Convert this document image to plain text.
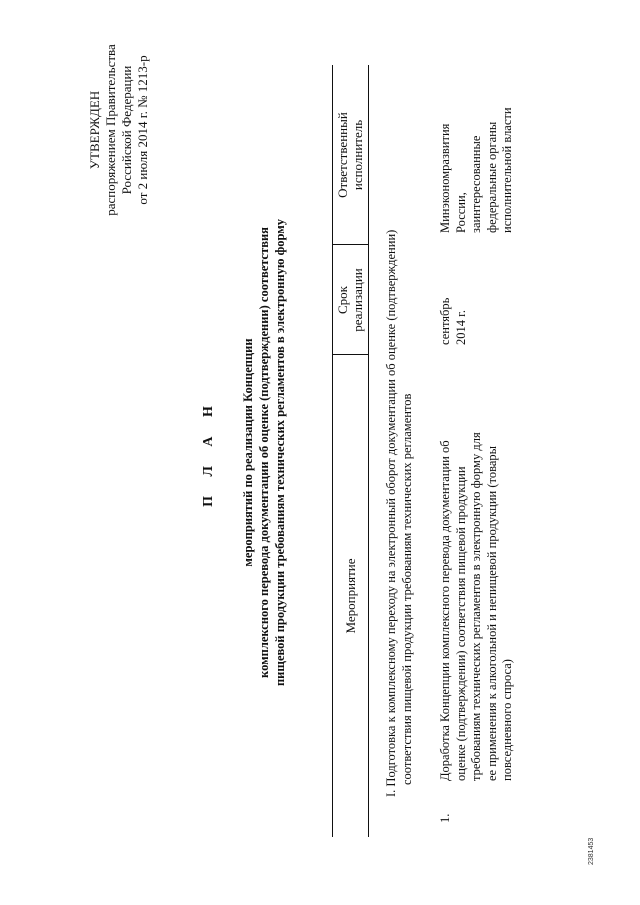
УТВЕРЖДЕН распоряжением Правительства Российской Федерации от 2 июля 2014 г. № 1213-р
П Л А Н мероприятий по реализации Концепции комплексного перевода документации об оценке (подтверждении) соответствия пищевой продукции требованиям технических регламентов в электронную форму	Мероприятие
Срок реализации
Ответственный исполнитель
I. Подготовка к комплексному переходу на электронный оборот документации об оценке (подтверждении) соответствия пищевой продукции требованиям технических регламентов
1.
Доработка Концепции комплексного перевода документации об оценке (подтверждении) соответствия пищевой продукции требованиям технических регламентов в электронную форму для ее применения к алкогольной и непищевой продукции (товары повседневного спроса)
сентябрь 2014 г.
Минэкономразвития России, заинтересованные федеральные органы исполнительной власти
2381453
